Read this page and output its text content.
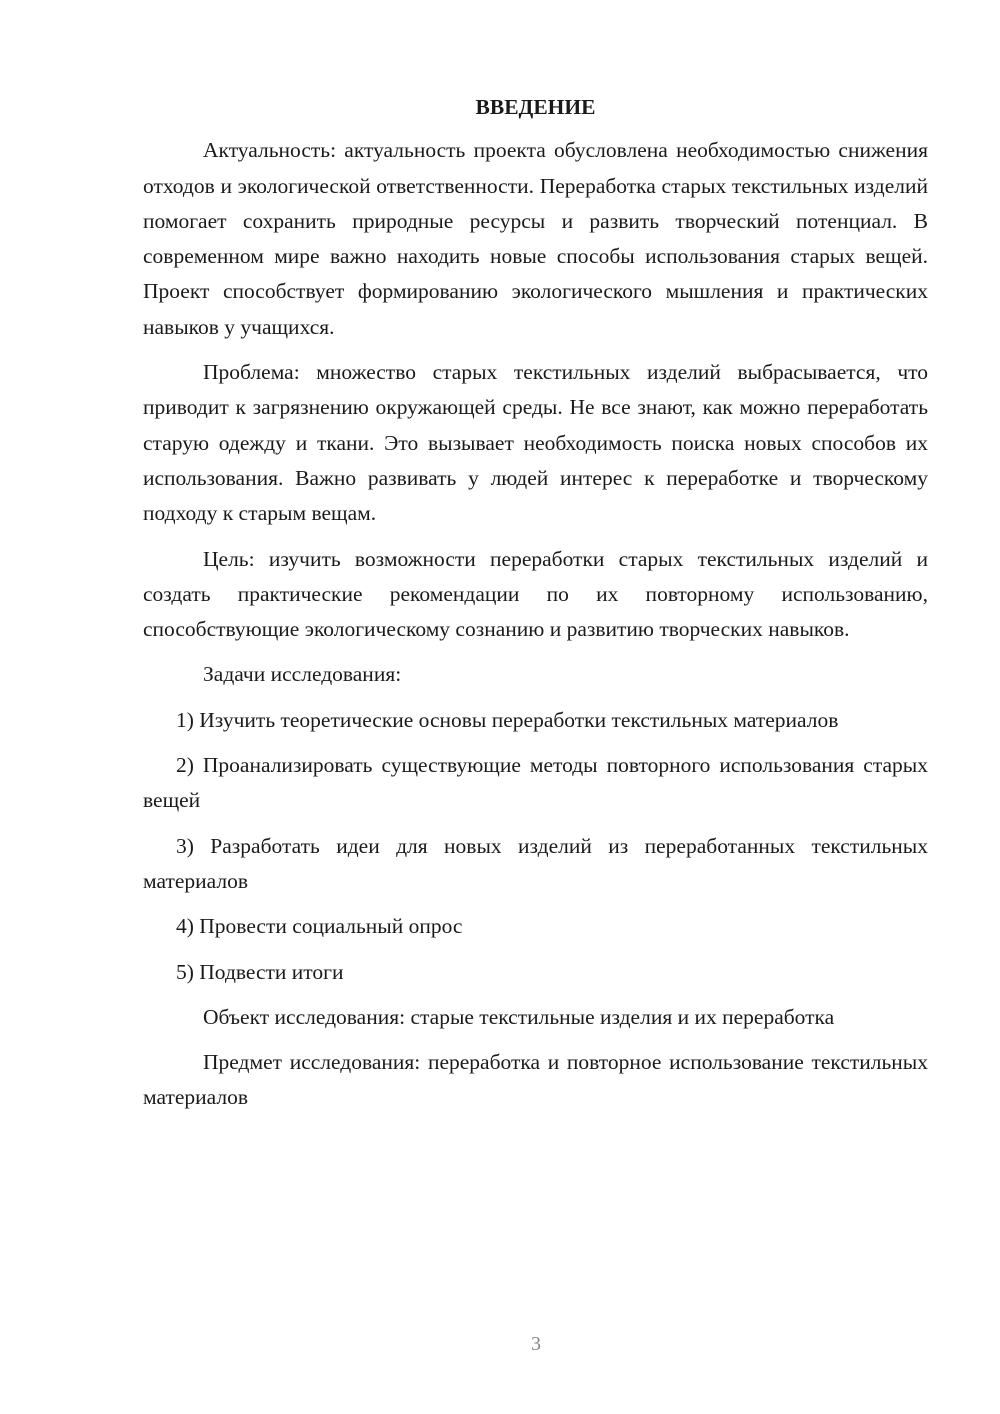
ВВЕДЕНИЕ

Актуальность: актуальность проекта обусловлена необходимостью снижения отходов и экологической ответственности. Переработка старых текстильных изделий помогает сохранить природные ресурсы и развить творческий потенциал. В современном мире важно находить новые способы использования старых вещей. Проект способствует формированию экологического мышления и практических навыков у учащихся.

Проблема: множество старых текстильных изделий выбрасывается, что приводит к загрязнению окружающей среды. Не все знают, как можно переработать старую одежду и ткани. Это вызывает необходимость поиска новых способов их использования. Важно развивать у людей интерес к переработке и творческому подходу к старым вещам.

Цель: изучить возможности переработки старых текстильных изделий и создать практические рекомендации по их повторному использованию, способствующие экологическому сознанию и развитию творческих навыков.

Задачи исследования:

1) Изучить теоретические основы переработки текстильных материалов

2) Проанализировать существующие методы повторного использования старых вещей

3) Разработать идеи для новых изделий из переработанных текстильных материалов

4) Провести социальный опрос

5) Подвести итоги

Объект исследования: старые текстильные изделия и их переработка

Предмет исследования: переработка и повторное использование текстильных материалов

3
